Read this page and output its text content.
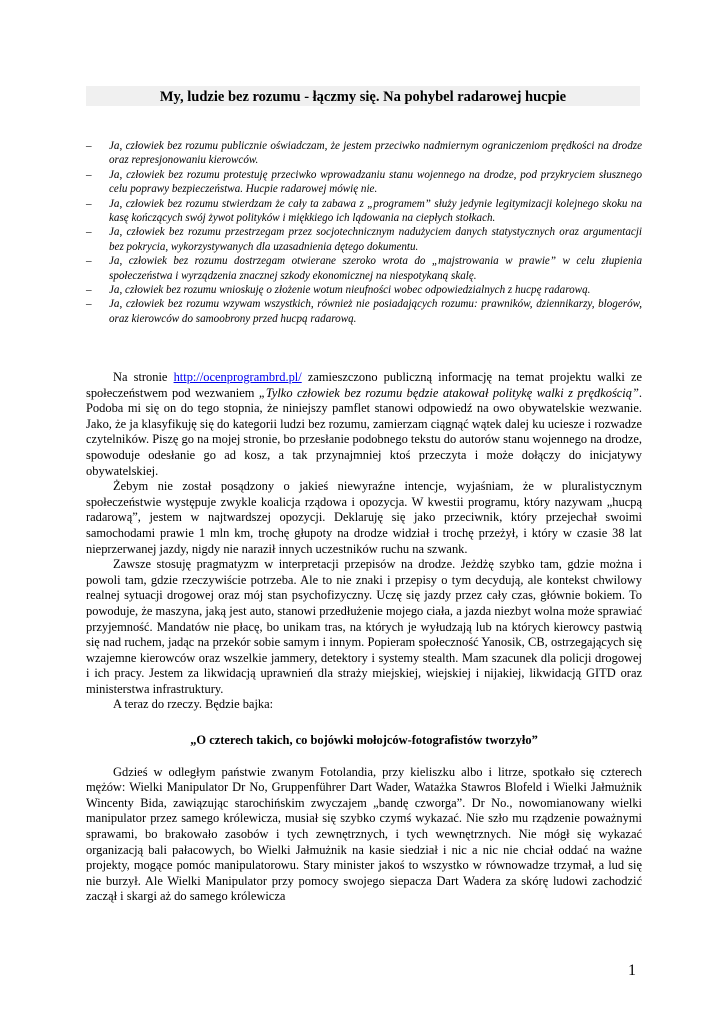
My, ludzie bez rozumu - łączmy się. Na pohybel radarowej hucpie
– Ja, człowiek bez rozumu publicznie oświadczam, że jestem przeciwko nadmiernym ograniczeniom prędkości na drodze oraz represjonowaniu kierowców.
– Ja, człowiek bez rozumu protestuję przeciwko wprowadzaniu stanu wojennego na drodze, pod przykryciem słusznego celu poprawy bezpieczeństwa. Hucpie radarowej mówię nie.
– Ja, człowiek bez rozumu stwierdzam że cały ta zabawa z „programem” służy jedynie legitymizacji kolejnego skoku na kasę kończących swój żywot polityków i miękkiego ich lądowania na ciepłych stołkach.
– Ja, człowiek bez rozumu przestrzegam przez socjotechnicznym nadużyciem danych statystycznych oraz argumentacji bez pokrycia, wykorzystywanych dla uzasadnienia dętego dokumentu.
– Ja, człowiek bez rozumu dostrzegam otwierane szeroko wrota do „majstrowania w prawie” w celu złupienia społeczeństwa i wyrządzenia znacznej szkody ekonomicznej na niespotykaną skalę.
– Ja, człowiek bez rozumu wnioskuję o złożenie wotum nieufności wobec odpowiedzialnych z hucpę radarową.
– Ja, człowiek bez rozumu wzywam wszystkich, również nie posiadających rozumu: prawników, dziennikarzy, blogerów, oraz kierowców do samoobrony przed hucpą radarową.

Na stronie http://ocenprogrambrd.pl/ zamieszczono publiczną informację na temat projektu walki ze społeczeństwem pod wezwaniem „Tylko człowiek bez rozumu będzie atakował politykę walki z prędkością”. Podoba mi się on do tego stopnia, że niniejszy pamflet stanowi odpowiedź na owo obywatelskie wezwanie. Jako, że ja klasyfikuję się do kategorii ludzi bez rozumu, zamierzam ciągnąć wątek dalej ku uciesze i rozwadze czytelników. Piszę go na mojej stronie, bo przesłanie podobnego tekstu do autorów stanu wojennego na drodze, spowoduje odesłanie go ad kosz, a tak przynajmniej ktoś przeczyta i może dołączy do inicjatywy obywatelskiej.

Żebym nie został posądzony o jakieś niewyraźne intencje, wyjaśniam, że w pluralistycznym społeczeństwie występuje zwykle koalicja rządowa i opozycja. W kwestii programu, który nazywam „hucpą radarową”, jestem w najtwardszej opozycji. Deklaruję się jako przeciwnik, który przejechał swoimi samochodami prawie 1 mln km, trochę głupoty na drodze widział i trochę przeżył, i który w czasie 38 lat nieprzerwanej jazdy, nigdy nie naraził innych uczestników ruchu na szwank.

Zawsze stosuję pragmatyzm w interpretacji przepisów na drodze. Jeżdżę szybko tam, gdzie można i powoli tam, gdzie rzeczywiście potrzeba. Ale to nie znaki i przepisy o tym decydują, ale kontekst chwilowy realnej sytuacji drogowej oraz mój stan psychofizyczny. Uczę się jazdy przez cały czas, głównie bokiem. To powoduje, że maszyna, jaką jest auto, stanowi przedłużenie mojego ciała, a jazda niezbyt wolna może sprawiać przyjemność. Mandatów nie płacę, bo unikam tras, na których je wyłudzają lub na których kierowcy pastwią się nad ruchem, jadąc na przekór sobie samym i innym. Popieram społeczność Yanosik, CB, ostrzegających się wzajemne kierowców oraz wszelkie jammery, detektory i systemy stealth. Mam szacunek dla policji drogowej i ich pracy. Jestem za likwidacją uprawnień dla straży miejskiej, wiejskiej i nijakiej, likwidacją GITD oraz ministerstwa infrastruktury.

A teraz do rzeczy. Będzie bajka:

„O czterech takich, co bojówki mołojców-fotografistów tworzyło”

Gdzieś w odległym państwie zwanym Fotolandia, przy kieliszku albo i litrze, spotkało się czterech mężów: Wielki Manipulator Dr No, Gruppenführer Dart Wader, Watażka Stawros Blofeld i Wielki Jałmużnik Wincenty Bida, zawiązując starochińskim zwyczajem „bandę czworga”. Dr No., nowomianowany wielki manipulator przez samego królewicza, musiał się szybko czymś wykazać. Nie szło mu rządzenie poważnymi sprawami, bo brakowało zasobów i tych zewnętrznych, i tych wewnętrznych. Nie mógł się wykazać organizacją bali pałacowych, bo Wielki Jałmużnik na kasie siedział i nic a nic nie chciał oddać na ważne projekty, mogące pomóc manipulatorowu. Stary minister jakoś to wszystko w równowadze trzymał, a lud się nie burzył. Ale Wielki Manipulator przy pomocy swojego siepacza Dart Wadera za skórę ludowi zachodzić zaczął i skargi aż do samego królewicza

1
